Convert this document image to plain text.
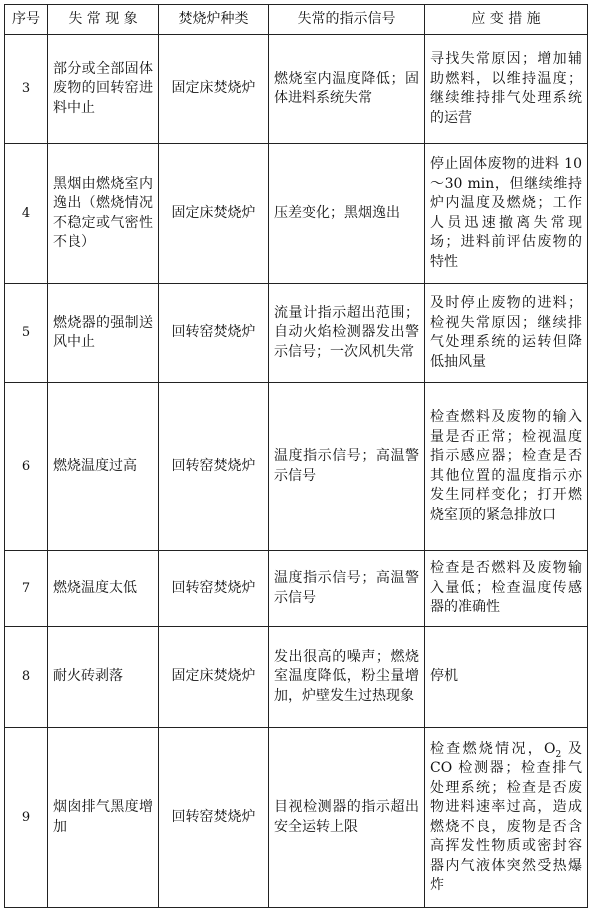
序号	失 常 现 象	焚烧炉种类	失常的指示信号	应 变 措 施
3	部分或全部固体废物的回转窑进料中止	固定床焚烧炉	燃烧室内温度降低；固体进料系统失常	寻找失常原因；增加辅助燃料，以维持温度；继续维持排气处理系统的运营
4	黑烟由燃烧室内逸出（燃烧情况不稳定或气密性不良）	固定床焚烧炉	压差变化；黑烟逸出	停止固体废物的进料 10～30 min，但继续维持炉内温度及燃烧；工作人员迅速撤离失常现场；进料前评估废物的特性
5	燃烧器的强制送风中止	回转窑焚烧炉	流量计指示超出范围；自动火焰检测器发出警示信号；一次风机失常	及时停止废物的进料；检视失常原因；继续排气处理系统的运转但降低抽风量
6	燃烧温度过高	回转窑焚烧炉	温度指示信号；高温警示信号	检查燃料及废物的输入量是否正常；检视温度指示感应器；检查是否其他位置的温度指示亦发生同样变化；打开燃烧室顶的紧急排放口
7	燃烧温度太低	回转窑焚烧炉	温度指示信号；高温警示信号	检查是否燃料及废物输入量低；检查温度传感器的准确性
8	耐火砖剥落	固定床焚烧炉	发出很高的噪声；燃烧室温度降低，粉尘量增加，炉壁发生过热现象	停机
9	烟囱排气黑度增加	回转窑焚烧炉	目视检测器的指示超出安全运转上限	检查燃烧情况，$O_2$ 及 CO 检测器；检查排气处理系统；检查是否废物进料速率过高，造成燃烧不良，废物是否含高挥发性物质或密封容器内气液体突然受热爆炸
